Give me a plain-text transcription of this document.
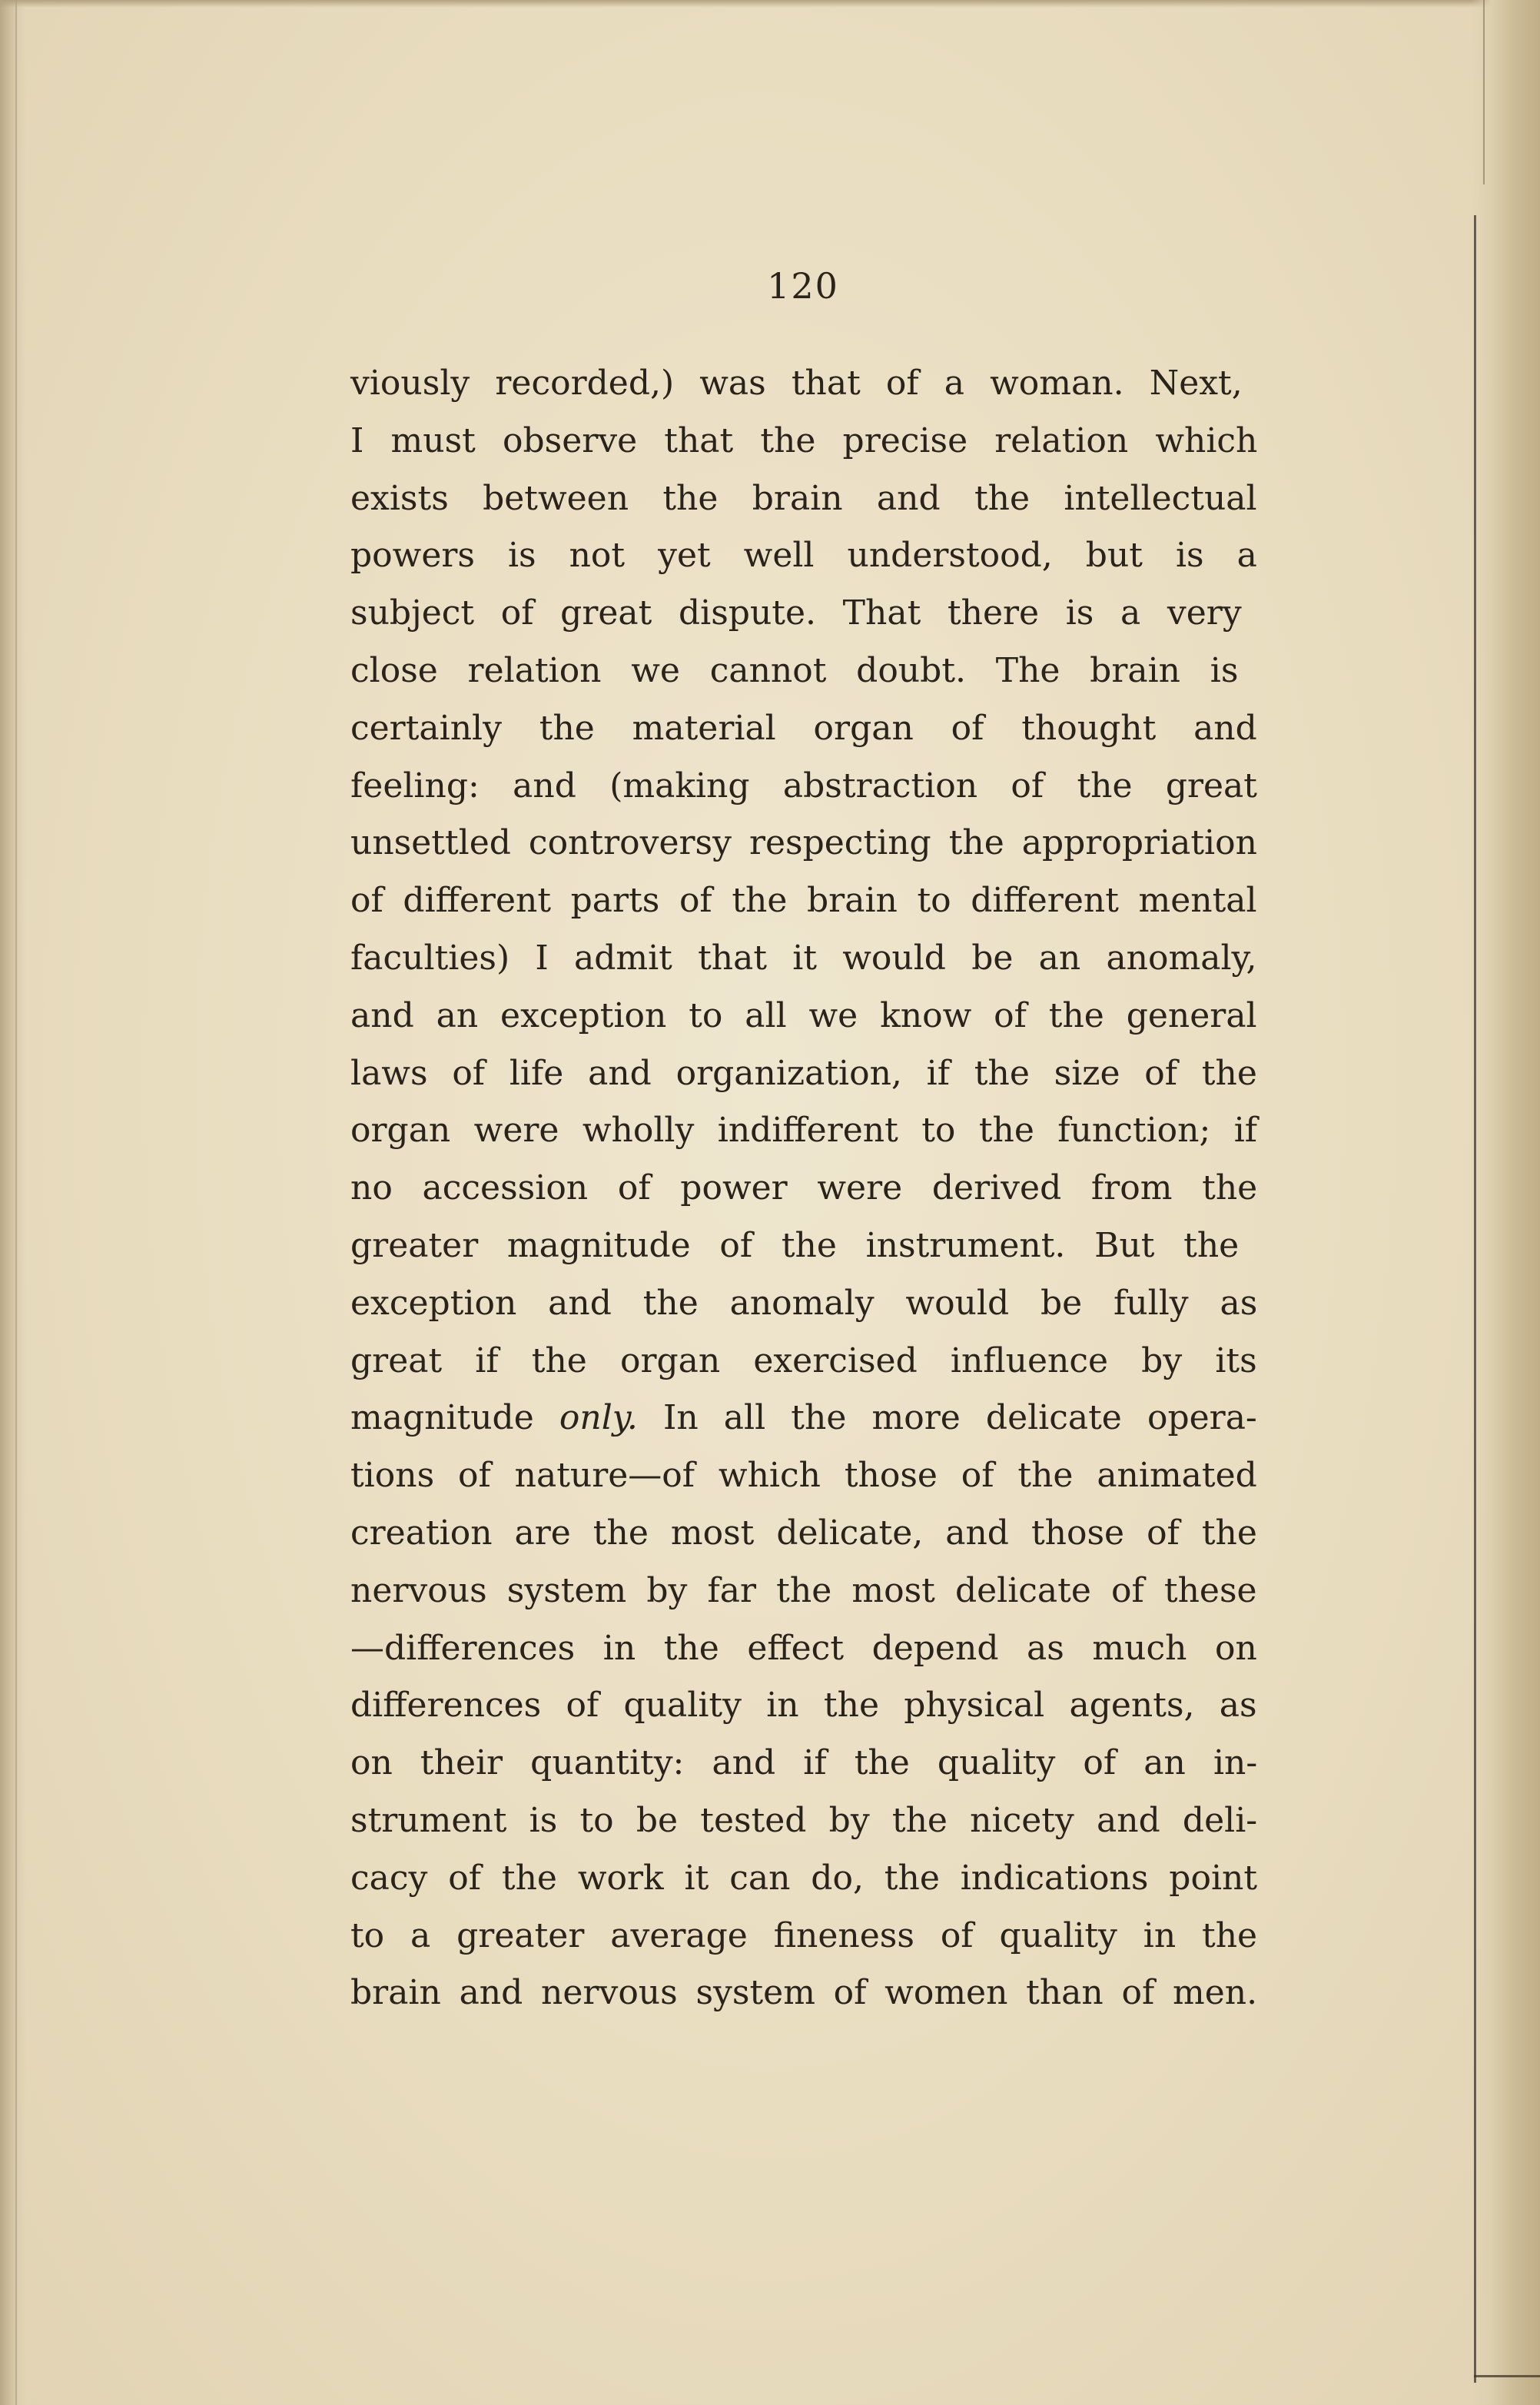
120
viously recorded,) was that of a woman. Next,
I must observe that the precise relation which
exists between the brain and the intellectual
powers is not yet well understood, but is a
subject of great dispute. That there is a very
close relation we cannot doubt. The brain is
certainly the material organ of thought and
feeling: and (making abstraction of the great
unsettled controversy respecting the appropriation
of different parts of the brain to different mental
faculties) I admit that it would be an anomaly,
and an exception to all we know of the general
laws of life and organization, if the size of the
organ were wholly indifferent to the function; if
no accession of power were derived from the
greater magnitude of the instrument. But the
exception and the anomaly would be fully as
great if the organ exercised influence by its
magnitude only. In all the more delicate opera-
tions of nature—of which those of the animated
creation are the most delicate, and those of the
nervous system by far the most delicate of these
—differences in the effect depend as much on
differences of quality in the physical agents, as
on their quantity: and if the quality of an in-
strument is to be tested by the nicety and deli-
cacy of the work it can do, the indications point
to a greater average fineness of quality in the
brain and nervous system of women than of men.
